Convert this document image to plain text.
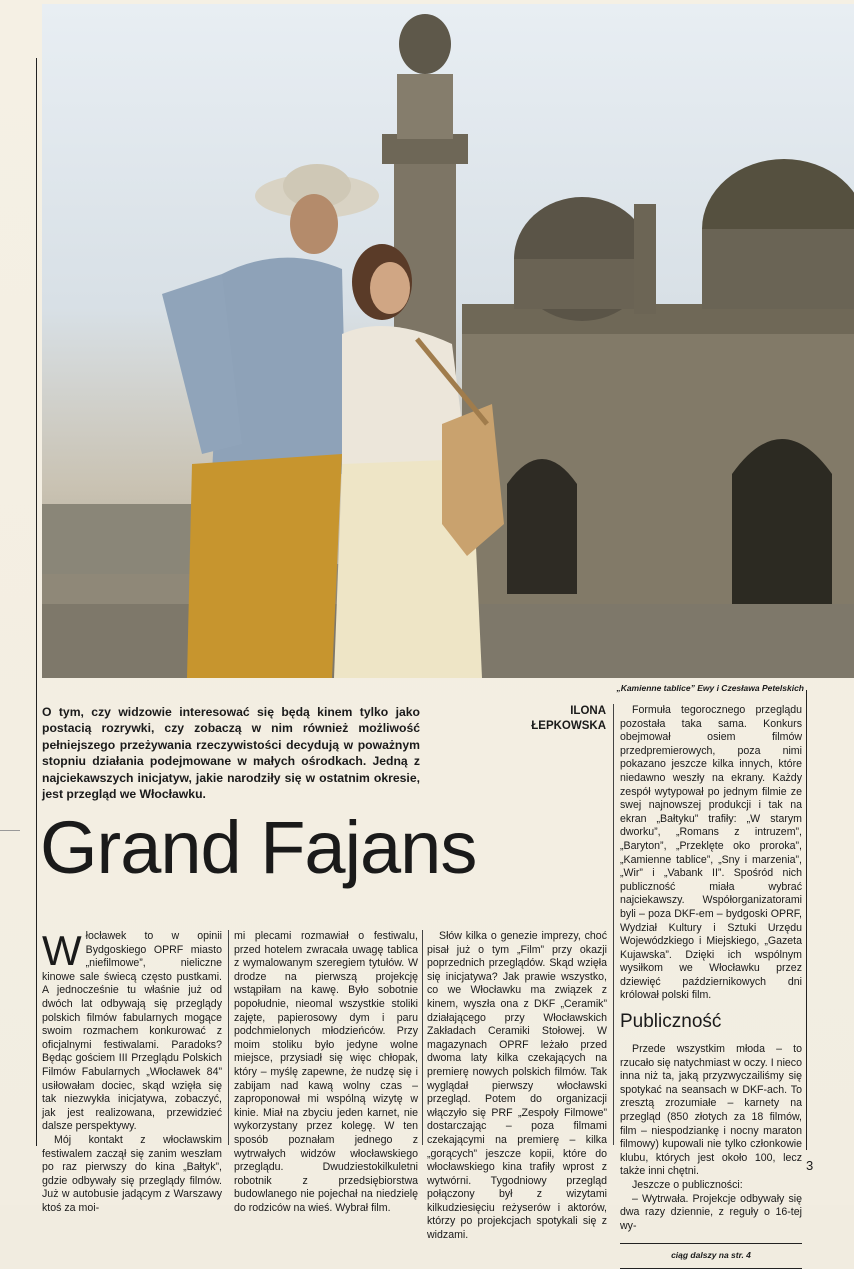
„Kamienne tablice” Ewy i Czesława Petelskich
O tym, czy widzowie interesować się będą kinem tylko jako postacią rozrywki, czy zobaczą w nim również możliwość pełniejszego przeżywania rzeczywistości decydują w poważnym stopniu działania podejmowane w małych ośrodkach. Jedną z najciekawszych inicjatyw, jakie narodziły się w ostatnim okresie, jest przegląd we Włocławku.
ILONA
ŁEPKOWSKA
Grand Fajans

Włocławek to w opinii Bydgoskiego OPRF miasto „niefilmowe”, nieliczne kinowe sale świecą często pustkami. A jednocześnie tu właśnie już od dwóch lat odbywają się przeglądy polskich filmów fabularnych mogące swoim rozmachem konkurować z oficjalnymi festiwalami. Paradoks? Będąc gościem III Przeglądu Polskich Filmów Fabularnych „Włocławek 84” usiłowałam dociec, skąd wzięła się tak niezwykła inicjatywa, zobaczyć, jak jest realizowana, przewidzieć dalsze perspektywy.

Mój kontakt z włocławskim festiwalem zaczął się zanim weszłam po raz pierwszy do kina „Bałtyk”, gdzie odbywały się przeglądy filmów. Już w autobusie jadącym z Warszawy ktoś za moi-

mi plecami rozmawiał o festiwalu, przed hotelem zwracała uwagę tablica z wymalowanym szeregiem tytułów. W drodze na pierwszą projekcję wstąpiłam na kawę. Było sobotnie popołudnie, nieomal wszystkie stoliki zajęte, papierosowy dym i paru podchmielonych młodzieńców. Przy moim stoliku było jedyne wolne miejsce, przysiadł się więc chłopak, który – myślę zapewne, że nudzę się i zabijam nad kawą wolny czas – zaproponował mi wspólną wizytę w kinie. Miał na zbyciu jeden karnet, nie wykorzystany przez kolegę. W ten sposób poznałam jednego z wytrwałych widzów włocławskiego przeglądu. Dwudziestokilkuletni robotnik z przedsiębiorstwa budowlanego nie pojechał na niedzielę do rodziców na wieś. Wybrał film.

Słów kilka o genezie imprezy, choć pisał już o tym „Film” przy okazji poprzednich przeglądów. Skąd wzięła się inicjatywa? Jak prawie wszystko, co we Włocławku ma związek z kinem, wyszła ona z DKF „Ceramik” działającego przy Włocławskich Zakładach Ceramiki Stołowej. W magazynach OPRF leżało przed dwoma laty kilka czekających na premierę nowych polskich filmów. Tak wyglądał pierwszy włocławski przegląd. Potem do organizacji włączyło się PRF „Zespoły Filmowe” dostarczając – poza filmami czekającymi na premierę – kilka „gorących” jeszcze kopii, które do włocławskiego kina trafiły wprost z wytwórni. Tygodniowy przegląd połączony był z wizytami kilkudziesięciu reżyserów i aktorów, którzy po projekcjach spotykali się z widzami.

Formuła tegorocznego przeglądu pozostała taka sama. Konkurs obejmował osiem filmów przedpremierowych, poza nimi pokazano jeszcze kilka innych, które niedawno weszły na ekrany. Każdy zespół wytypował po jednym filmie ze swej najnowszej produkcji i tak na ekran „Bałtyku” trafiły: „W starym dworku”, „Romans z intruzem”, „Baryton”, „Przeklęte oko proroka”, „Kamienne tablice”, „Sny i marzenia”, „Wir” i „Vabank II”. Spośród nich publiczność miała wybrać najciekawszy. Współorganizatorami byli – poza DKF-em – bydgoski OPRF, Wydział Kultury i Sztuki Urzędu Wojewódzkiego i Miejskiego, „Gazeta Kujawska”. Dzięki ich wspólnym wysiłkom we Włocławku przez dziewięć październikowych dni królował polski film.

Publiczność

Przede wszystkim młoda – to rzucało się natychmiast w oczy. I nieco inna niż ta, jaką przyzwyczailiśmy się spotykać na seansach w DKF-ach. To zresztą zrozumiałe – karnety na przegląd (850 złotych za 18 filmów, film – niespodziankę i nocny maraton filmowy) kupowali nie tylko członkowie klubu, których jest około 100, lecz także inni chętni.

Jeszcze o publiczności:

– Wytrwała. Projekcje odbywały się dwa razy dziennie, z reguły o 16-tej wy-

ciąg dalszy na str. 4
3
